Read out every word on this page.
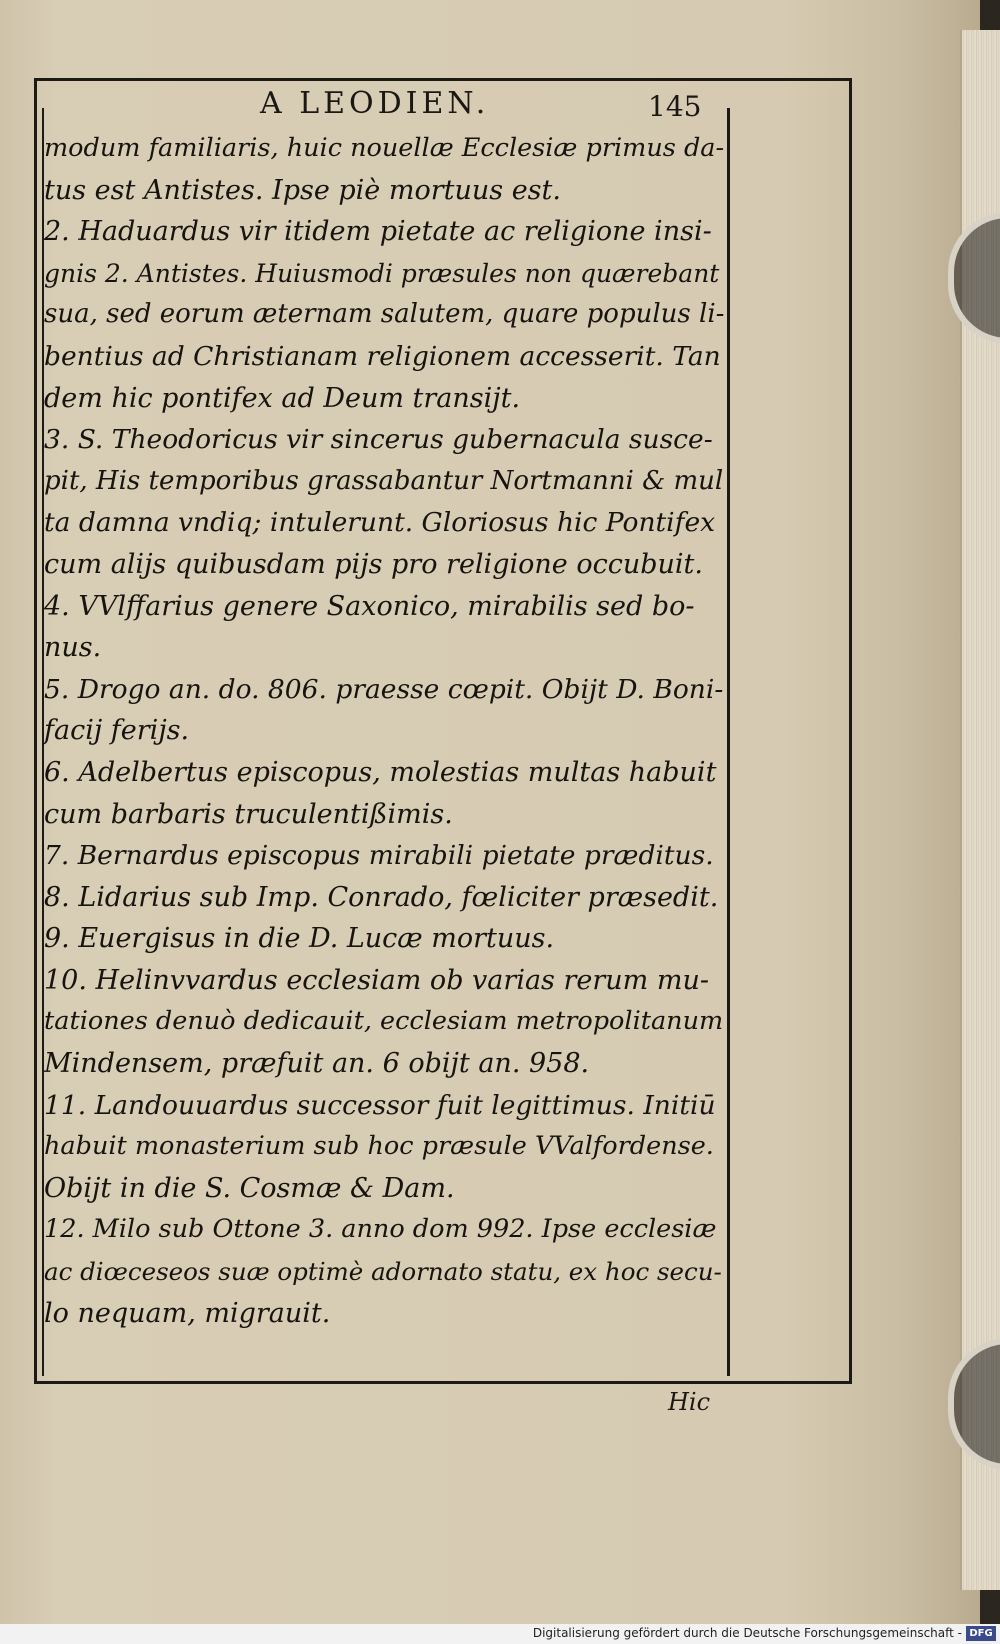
A LEODIEN.	145
modum familiaris, huic nouellæ Ecclesiæ primus da-
tus est Antistes. Ipse piè mortuus est.
2. Haduardus vir itidem pietate ac religione insi-
gnis 2. Antistes. Huiusmodi præsules non quærebant
sua, sed eorum æternam salutem, quare populus li-
bentius ad Christianam religionem accesserit. Tan
dem hic pontifex ad Deum transijt.
3. S. Theodoricus vir sincerus gubernacula susce-
pit, His temporibus grassabantur Nortmanni & mul
ta damna vndiq; intulerunt. Gloriosus hic Pontifex
cum alijs quibusdam pijs pro religione occubuit.
4. VVlffarius genere Saxonico, mirabilis sed bo-
nus.
5. Drogo an. do. 806. praesse cœpit. Obijt D. Boni-
facij ferijs.
6. Adelbertus episcopus, molestias multas habuit
cum barbaris truculentißimis.
7. Bernardus episcopus mirabili pietate præditus.
8. Lidarius sub Imp. Conrado, fœliciter præsedit.
9. Euergisus in die D. Lucæ mortuus.
10. Helinvvardus ecclesiam ob varias rerum mu-
tationes denuò dedicauit, ecclesiam metropolitanum
Mindensem, præfuit an. 6 obijt an. 958.
11. Landouuardus successor fuit legittimus. Initiū
habuit monasterium sub hoc præsule VValfordense.
Obijt in die S. Cosmæ & Dam.
12. Milo sub Ottone 3. anno dom 992. Ipse ecclesiæ
ac diœceseos suæ optimè adornato statu, ex hoc secu-
lo nequam, migrauit.
Hic
Digitalisierung gefördert durch die Deutsche Forschungsgemeinschaft - DFG
